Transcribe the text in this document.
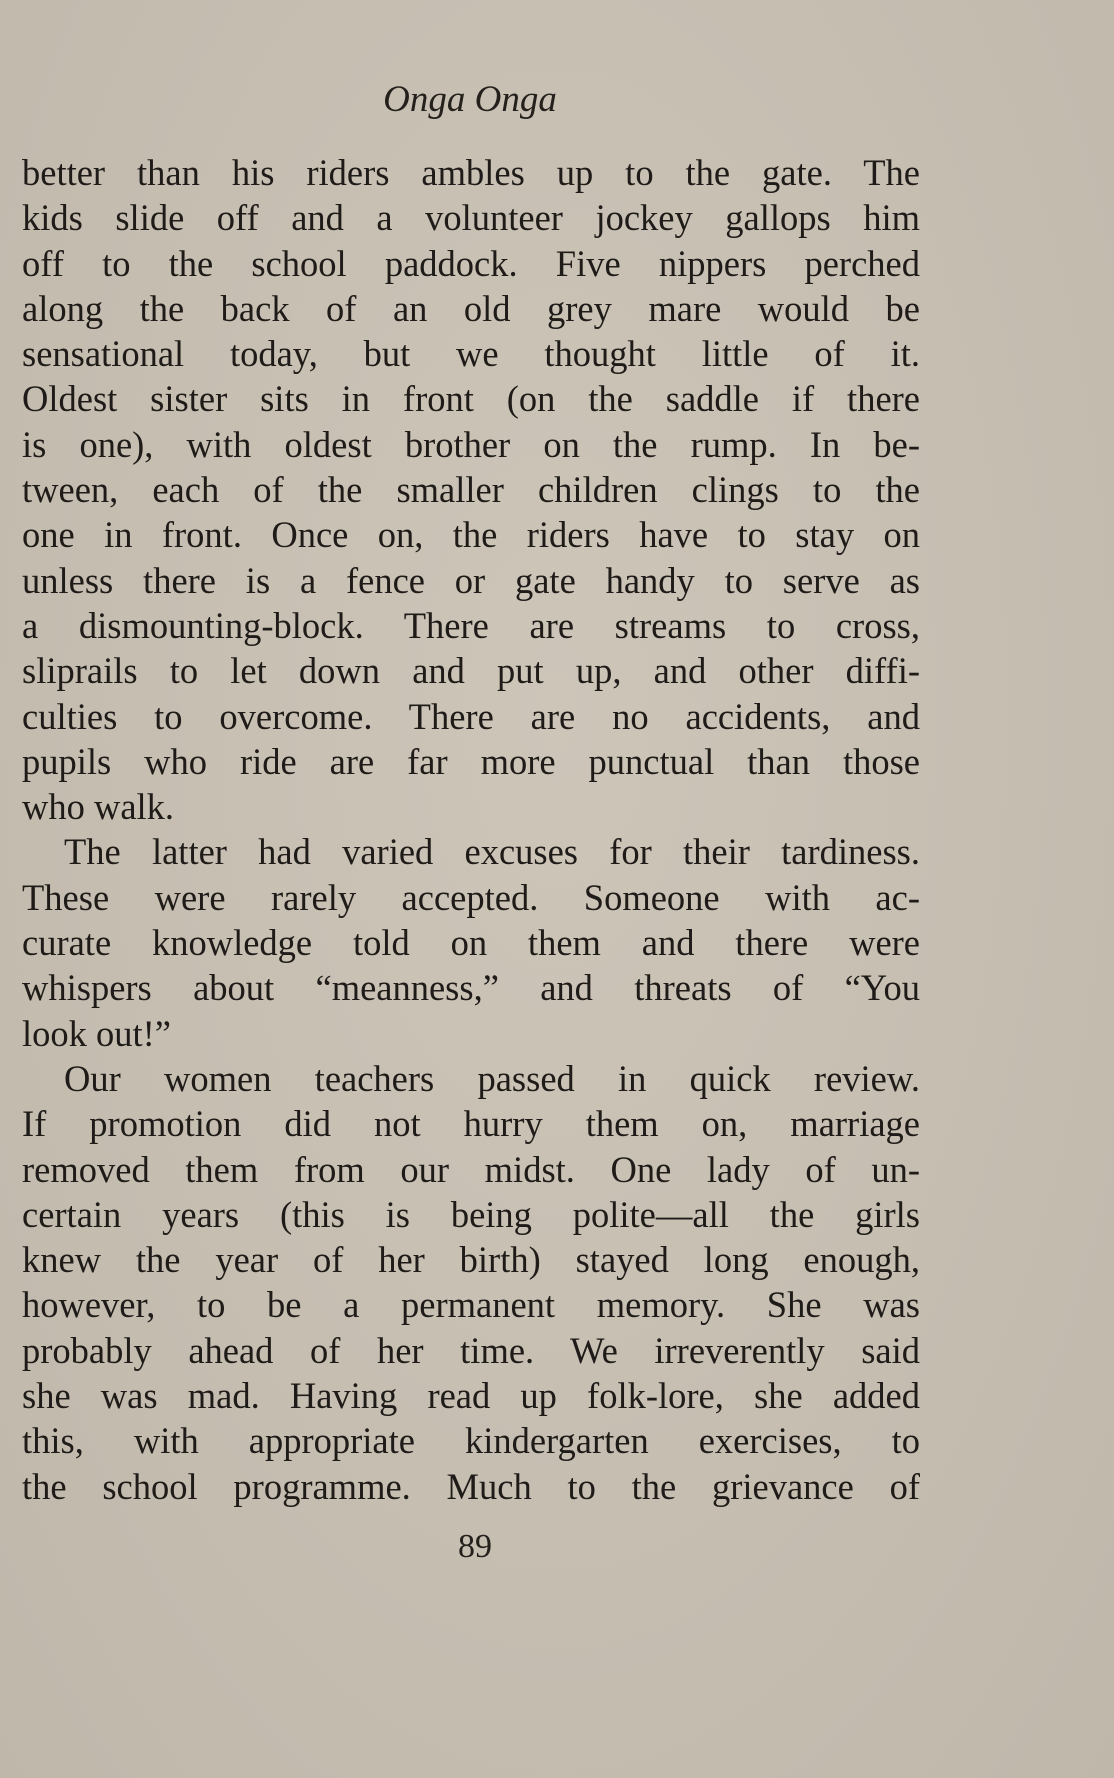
Onga Onga
better than his riders ambles up to the gate. The
kids slide off and a volunteer jockey gallops him
off to the school paddock. Five nippers perched
along the back of an old grey mare would be
sensational today, but we thought little of it.
Oldest sister sits in front (on the saddle if there
is one), with oldest brother on the rump. In be-
tween, each of the smaller children clings to the
one in front. Once on, the riders have to stay on
unless there is a fence or gate handy to serve as
a dismounting-block. There are streams to cross,
sliprails to let down and put up, and other diffi-
culties to overcome. There are no accidents, and
pupils who ride are far more punctual than those
who walk.
The latter had varied excuses for their tardiness.
These were rarely accepted. Someone with ac-
curate knowledge told on them and there were
whispers about “meanness,” and threats of “You
look out!”
Our women teachers passed in quick review.
If promotion did not hurry them on, marriage
removed them from our midst. One lady of un-
certain years (this is being polite—all the girls
knew the year of her birth) stayed long enough,
however, to be a permanent memory. She was
probably ahead of her time. We irreverently said
she was mad. Having read up folk-lore, she added
this, with appropriate kindergarten exercises, to
the school programme. Much to the grievance of
89
